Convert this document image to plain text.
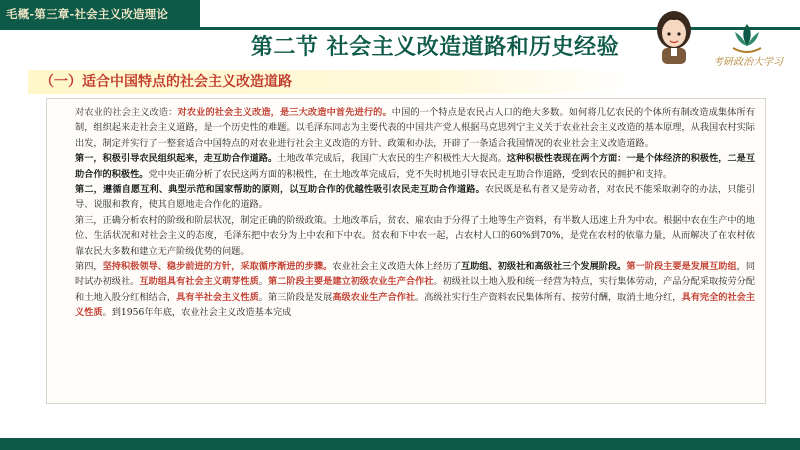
毛概-第三章-社会主义改造理论
第二节 社会主义改造道路和历史经验
考研政治大学习
（一）适合中国特点的社会主义改造道路

对农业的社会主义改造：对农业的社会主义改造，是三大改造中首先进行的。中国的一个特点是农民占人口的绝大多数。如何将几亿农民的个体所有制改造成集体所有制，组织起来走社会主义道路，是一个历史性的难题。以毛泽东同志为主要代表的中国共产党人根据马克思列宁主义关于农业社会主义改造的基本原理，从我国农村实际出发，制定并实行了一整套适合中国特点的对农业进行社会主义改造的方针、政策和办法，开辟了一条适合我国情况的农业社会主义改造道路。

第一，积极引导农民组织起来，走互助合作道路。土地改革完成后，我国广大农民的生产积极性大大提高。这种积极性表现在两个方面：一是个体经济的积极性，二是互助合作的积极性。党中央正确分析了农民这两方面的积极性，在土地改革完成后，党不失时机地引导农民走互助合作道路，受到农民的拥护和支持。

第二，遵循自愿互利、典型示范和国家帮助的原则，以互助合作的优越性吸引农民走互助合作道路。农民既是私有者又是劳动者，对农民不能采取剥夺的办法，只能引导、说服和教育，使其自愿地走合作化的道路。

第三，正确分析农村的阶级和阶层状况，制定正确的阶级政策。土地改革后，贫农、雇农由于分得了土地等生产资料，有半数人迅速上升为中农。根据中农在生产中的地位、生活状况和对社会主义的态度，毛泽东把中农分为上中农和下中农。贫农和下中农一起，占农村人口的60%到70%，是党在农村的依靠力量，从而解决了在农村依靠农民大多数和建立无产阶级优势的问题。

第四，坚持积极领导、稳步前进的方针，采取循序渐进的步骤。农业社会主义改造大体上经历了互助组、初级社和高级社三个发展阶段。第一阶段主要是发展互助组，同时试办初级社。互助组具有社会主义萌芽性质。第二阶段主要是建立初级农业生产合作社。初级社以土地入股和统一经营为特点，实行集体劳动，产品分配采取按劳分配和土地入股分红相结合，具有半社会主义性质。第三阶段是发展高级农业生产合作社。高级社实行生产资料农民集体所有、按劳付酬，取消土地分红，具有完全的社会主义性质。到1956年年底，农业社会主义改造基本完成
